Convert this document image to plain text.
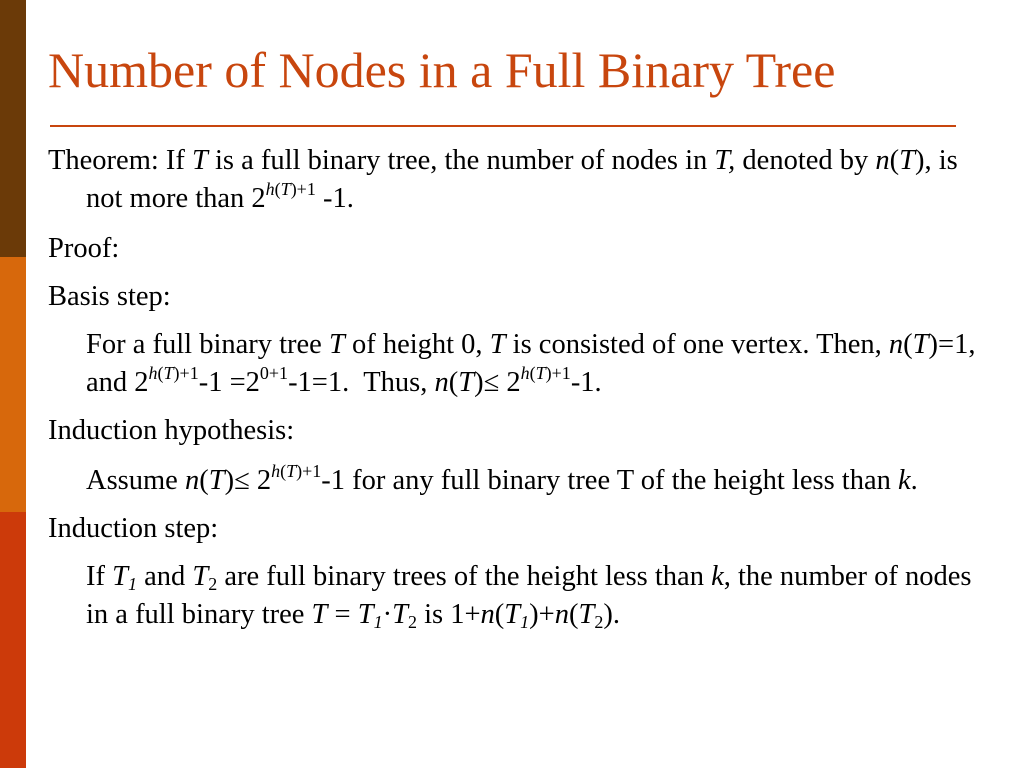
Number of Nodes in a Full Binary Tree
Theorem: If T is a full binary tree, the number of nodes in T, denoted by n(T), is not more than $2^{h(T)+1}$ -1.
Proof:
Basis step:
For a full binary tree T of height 0, T is consisted of one vertex. Then, n(T)=1, and $2^{h(T)+1}-1 =2^{0+1}-1=1$. Thus, $n(T)\le 2^{h(T)+1}-1$.
Induction hypothesis:
Assume $n(T)\le 2^{h(T)+1}-1$ for any full binary tree T of the height less than k.
Induction step:
If $T_1$ and $T_2$ are full binary trees of the height less than k, the number of nodes in a full binary tree $T = T_1\cdot T_2$ is $1+n(T_1)+n(T_2)$.
